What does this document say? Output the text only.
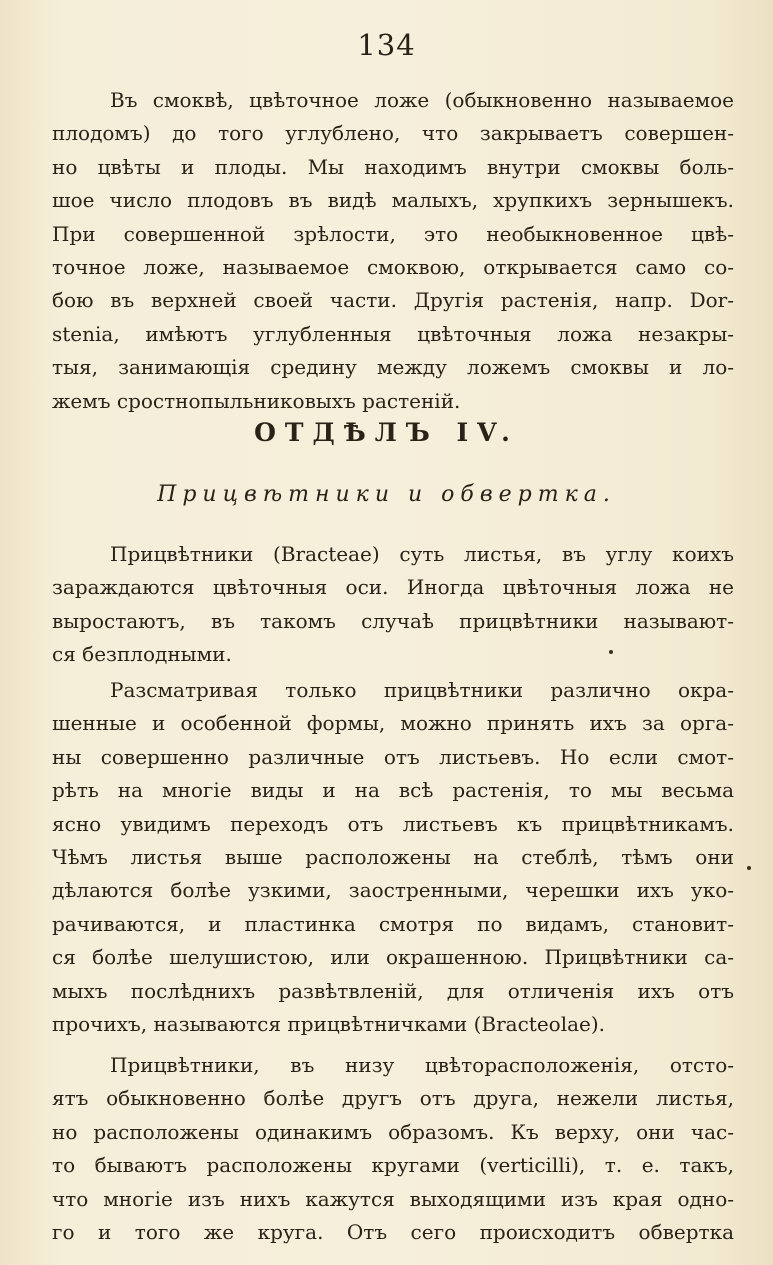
134
Въ смоквѣ, цвѣточное ложе (обыкновенно называемое
плодомъ) до того углублено, что закрываетъ совершен-
но цвѣты и плоды. Мы находимъ внутри смоквы боль-
шое число плодовъ въ видѣ малыхъ, хрупкихъ зернышекъ.
При совершенной зрѣлости, это необыкновенное цвѣ-
точное ложе, называемое смоквою, открывается само со-
бою въ верхней своей части. Другія растенія, напр. Dor-
stenia, имѣютъ углубленныя цвѣточныя ложа незакры-
тыя, занимающія средину между ложемъ смоквы и ло-
жемъ сростнопыльниковыхъ растеній.
ОТДѢЛЪ IV.
Прицвѣтники и обвертка.
Прицвѣтники (Bracteae) суть листья, въ углу коихъ
зараждаются цвѣточныя оси. Иногда цвѣточныя ложа не
выростаютъ, въ такомъ случаѣ прицвѣтники называют-
ся безплодными.
Разсматривая только прицвѣтники различно окра-
шенные и особенной формы, можно принять ихъ за орга-
ны совершенно различные отъ листьевъ. Но если смот-
рѣть на многіе виды и на всѣ растенія, то мы весьма
ясно увидимъ переходъ отъ листьевъ къ прицвѣтникамъ.
Чѣмъ листья выше расположены на стеблѣ, тѣмъ они
дѣлаются болѣе узкими, заостренными, черешки ихъ уко-
рачиваются, и пластинка смотря по видамъ, становит-
ся болѣе шелушистою, или окрашенною. Прицвѣтники са-
мыхъ послѣднихъ развѣтвленій, для отличенія ихъ отъ
прочихъ, называются прицвѣтничками (Bracteolae).
Прицвѣтники, въ низу цвѣторасположенія, отсто-
ятъ обыкновенно болѣе другъ отъ друга, нежели листья,
но расположены одинакимъ образомъ. Къ верху, они час-
то бываютъ расположены кругами (verticilli), т. е. такъ,
что многіе изъ нихъ кажутся выходящими изъ края одно-
го и того же круга. Отъ сего происходитъ обвертка
